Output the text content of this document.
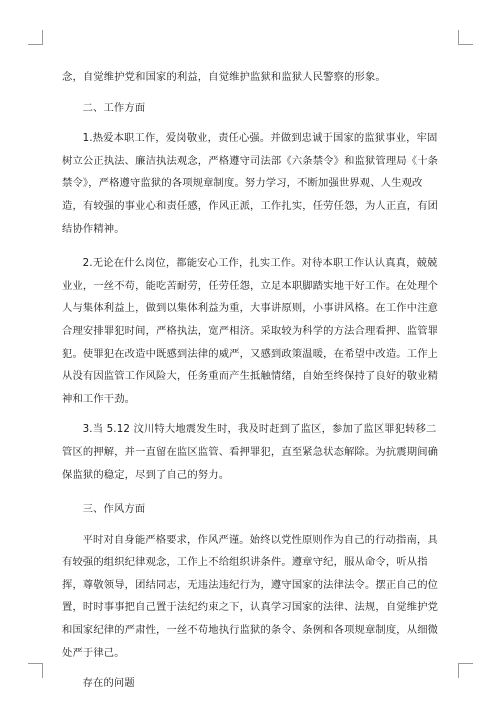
念，自觉维护党和国家的利益，自觉维护监狱和监狱人民警察的形象。

二、工作方面

1.热爱本职工作，爱岗敬业，责任心强。并做到忠诚于国家的监狱事业，牢固树立公正执法、廉洁执法观念，严格遵守司法部《六条禁令》和监狱管理局《十条禁令》，严格遵守监狱的各项规章制度。努力学习，不断加强世界观、人生观改造，有较强的事业心和责任感，作风正派，工作扎实，任劳任怨，为人正直，有团结协作精神。

2.无论在什么岗位，都能安心工作，扎实工作。对待本职工作认认真真，兢兢业业，一丝不苟，能吃苦耐劳，任劳任怨，立足本职脚踏实地干好工作。在处理个人与集体利益上，做到以集体利益为重，大事讲原则，小事讲风格。在工作中注意合理安排罪犯时间，严格执法，宽严相济。采取较为科学的方法合理看押、监管罪犯。使罪犯在改造中既感到法律的威严，又感到政策温暖，在希望中改造。工作上从没有因监管工作风险大，任务重而产生抵触情绪，自始至终保持了良好的敬业精神和工作干劲。

3.当 5.12 汶川特大地震发生时，我及时赶到了监区，参加了监区罪犯转移二管区的押解，并一直留在监区监管、看押罪犯，直至紧急状态解除。为抗震期间确保监狱的稳定，尽到了自己的努力。

三、作风方面

平时对自身能严格要求，作风严谨。始终以党性原则作为自己的行动指南，具有较强的组织纪律观念，工作上不给组织讲条件。遵章守纪，服从命令，听从指挥，尊敬领导，团结同志，无违法违纪行为，遵守国家的法律法令。摆正自己的位置，时时事事把自己置于法纪约束之下，认真学习国家的法律、法规，自觉维护党和国家纪律的严肃性，一丝不苟地执行监狱的条令、条例和各项规章制度，从细微处严于律己。

存在的问题
